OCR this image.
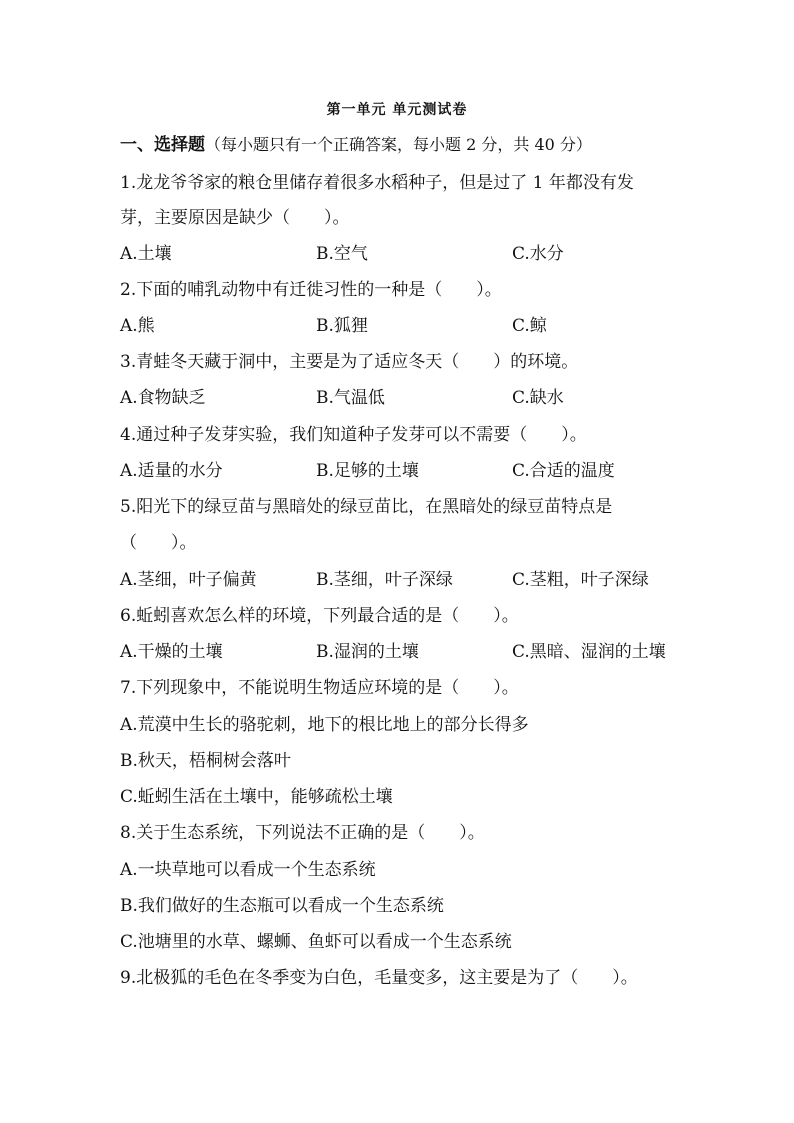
第一单元 单元测试卷
一、选择题（每小题只有一个正确答案，每小题 2 分，共 40 分）
1.龙龙爷爷家的粮仓里储存着很多水稻种子，但是过了 1 年都没有发
芽，主要原因是缺少（　　）。
A.土壤	B.空气	C.水分
2.下面的哺乳动物中有迁徙习性的一种是（　　）。
A.熊	B.狐狸	C.鲸
3.青蛙冬天藏于洞中，主要是为了适应冬天（　　）的环境。
A.食物缺乏	B.气温低	C.缺水
4.通过种子发芽实验，我们知道种子发芽可以不需要（　　）。
A.适量的水分	B.足够的土壤	C.合适的温度
5.阳光下的绿豆苗与黑暗处的绿豆苗比，在黑暗处的绿豆苗特点是
（　　）。
A.茎细，叶子偏黄	B.茎细，叶子深绿	C.茎粗，叶子深绿
6.蚯蚓喜欢怎么样的环境，下列最合适的是（　　）。
A.干燥的土壤	B.湿润的土壤	C.黑暗、湿润的土壤
7.下列现象中，不能说明生物适应环境的是（　　）。
A.荒漠中生长的骆驼刺，地下的根比地上的部分长得多
B.秋天，梧桐树会落叶
C.蚯蚓生活在土壤中，能够疏松土壤
8.关于生态系统，下列说法不正确的是（　　）。
A.一块草地可以看成一个生态系统
B.我们做好的生态瓶可以看成一个生态系统
C.池塘里的水草、螺蛳、鱼虾可以看成一个生态系统
9.北极狐的毛色在冬季变为白色，毛量变多，这主要是为了（　　）。
